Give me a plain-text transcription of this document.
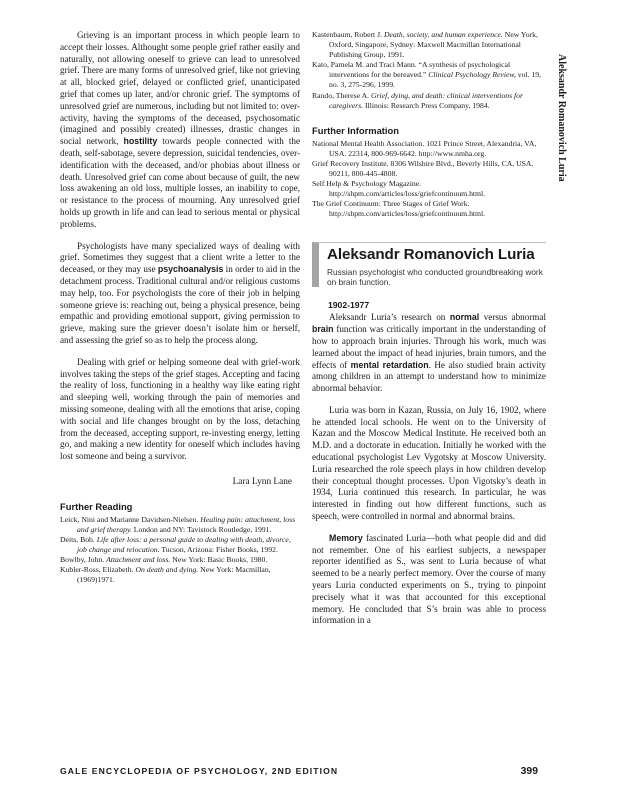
Grieving is an important process in which people learn to accept their losses. Althought some people grief rather easily and naturally, not allowing oneself to grieve can lead to unresolved grief. There are many forms of unresolved grief, like not grieving at all, blocked grief, delayed or conflicted grief, unanticipated grief that comes up later, and/or chronic grief. The symptoms of unresolved grief are numerous, including but not limited to: over-activity, having the symptoms of the deceased, psychosomatic (imagined and possibly created) illnesses, drastic changes in social network, hostility towards people connected with the death, self-sabotage, severe depression, suicidal tendencies, over-identification with the deceased, and/or phobias about illness or death. Unresolved grief can come about because of guilt, the new loss awakening an old loss, multiple losses, an inability to cope, or resistance to the process of mourning. Any unresolved grief holds up growth in life and can lead to serious mental or physical problems.

Psychologists have many specialized ways of dealing with grief. Sometimes they suggest that a client write a letter to the deceased, or they may use psychoanalysis in order to aid in the detachment process. Traditional cultural and/or religious customs may help, too. For psychologists the core of their job in helping someone grieve is: reaching out, being a physical presence, being empathic and providing emotional support, giving permission to grieve, making sure the griever doesn’t isolate him or herself, and assessing the grief so as to help the process along.

Dealing with grief or helping someone deal with grief-work involves taking the steps of the grief stages. Accepting and facing the reality of loss, functioning in a healthy way like eating right and sleeping well, working through the pain of memories and missing someone, dealing with all the emotions that arise, coping with social and life changes brought on by the loss, detaching from the deceased, accepting support, re-investing energy, letting go, and making a new identity for oneself which includes having lost someone and being a survivor.

Lara Lynn Lane

Further Reading

Leick, Nini and Marianne Davidsen-Nielsen. Healing pain: attachment, loss and grief therapy. London and NY: Tavistock Routledge, 1991.

Deits, Bob. Life after loss: a personal guide to dealing with death, divorce, job change and relocation. Tucson, Arizona: Fisher Books, 1992.

Bowlby, John. Attachment and loss. New York: Basic Books, 1980.

Kubler-Ross, Elizabeth. On death and dying. New York: Macmillan, (1969)1971.

Kastenbaum, Robert J. Death, society, and human experience. New York, Oxford, Singapore, Sydney: Maxwell Macmillan International Publishing Group, 1991.

Kato, Pamela M. and Traci Mann. “A synthesis of psychological interventions for the bereaved.” Clinical Psychology Review, vol. 19, no. 3, 275-296, 1999.

Rando, Therese A. Grief, dying, and death: clinical interventions for caregivers. Illinois: Research Press Company, 1984.

Further Information

National Mental Health Association. 1021 Prince Street, Alexandria, VA, USA. 22314, 800-969-6642. http://www.nmha.org.

Grief Recovery Institute. 8306 Wilshire Blvd., Beverly Hills, CA, USA. 90211, 800-445-4808.

Self Help & Psychology Magazine. http://shpm.com/articles/loss/griefcontinuum.html.

The Grief Continuum: Three Stages of Grief Work. http://shpm.com/articles/loss/griefcontinuum.html.

Aleksandr Romanovich Luria
Russian psychologist who conducted groundbreaking work on brain function.
1902-1977

Aleksandr Luria’s research on normal versus abnormal brain function was critically important in the understanding of how to approach brain injuries. Through his work, much was learned about the impact of head injuries, brain tumors, and the effects of mental retardation. He also studied brain activity among children in an attempt to understand how to minimize abnormal behavior.

Luria was born in Kazan, Russia, on July 16, 1902, where he attended local schools. He went on to the University of Kazan and the Moscow Medical Institute. He received both an M.D. and a doctorate in education. Initially he worked with the educational psychologist Lev Vygotsky at Moscow University. Luria researched the role speech plays in how children develop their conceptual thought processes. Upon Vigotsky’s death in 1934, Luria continued this research. In particular, he was interested in finding out how different functions, such as speech, were controlled in normal and abnormal brains.

Memory fascinated Luria—both what people did and did not remember. One of his earliest subjects, a newspaper reporter identified as S., was sent to Luria because of what seemed to be a nearly perfect memory. Over the course of many years Luria conducted experiments on S., trying to pinpoint precisely what it was that accounted for this exceptional memory. He concluded that S’s brain was able to process information in a

Aleksandr Romanovich Luria
GALE ENCYCLOPEDIA OF PSYCHOLOGY, 2ND EDITION	399
